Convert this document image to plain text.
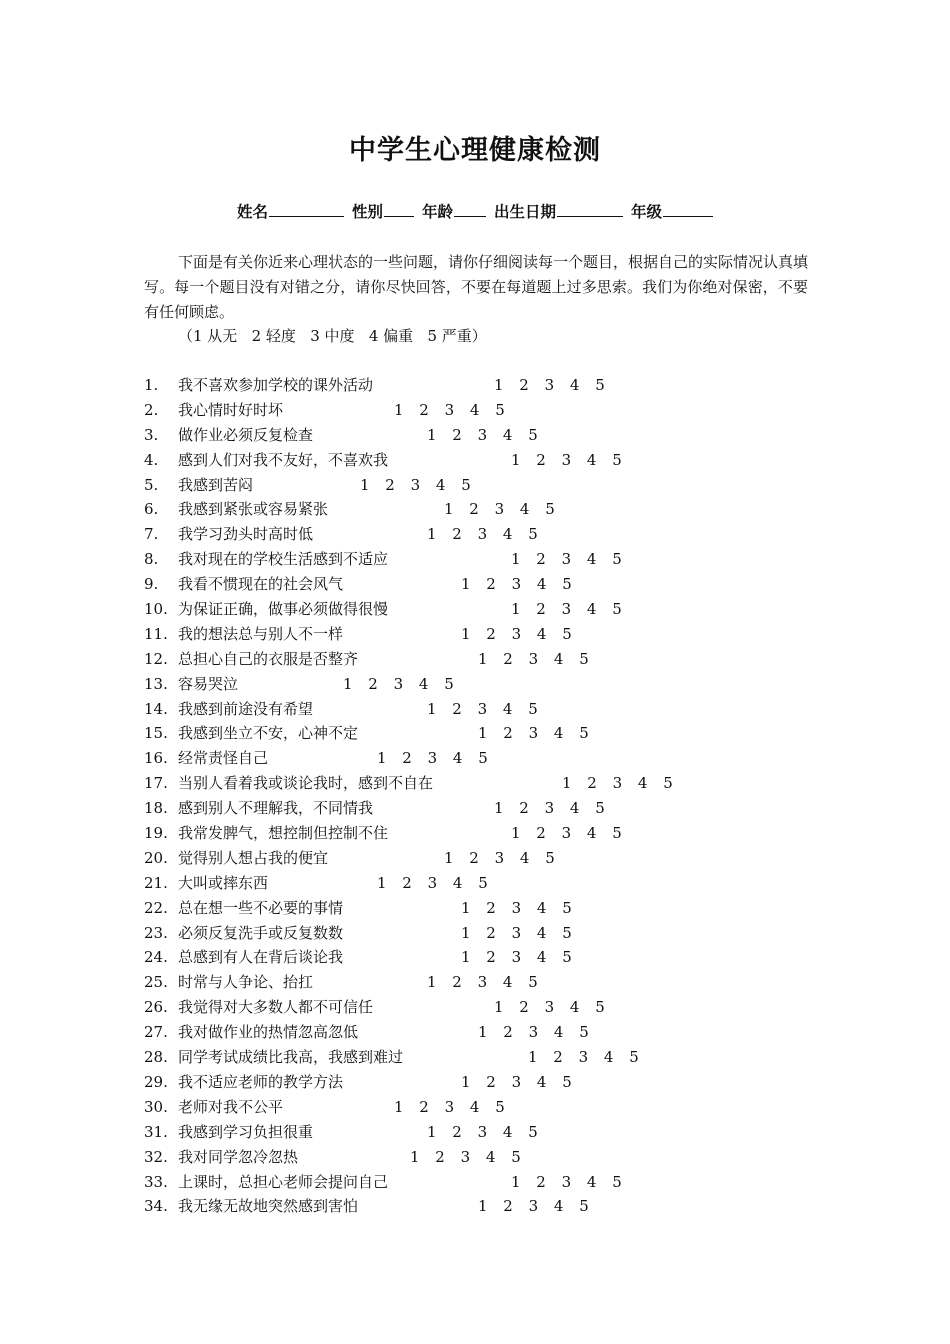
中学生心理健康检测
姓名	性别	年龄	出生日期	年级
下面是有关你近来心理状态的一些问题，请你仔细阅读每一个题目，根据自己的实际情况认真填写。每一个题目没有对错之分，请你尽快回答，不要在每道题上过多思索。我们为你绝对保密，不要有任何顾虑。
（1 从无   2 轻度   3 中度   4 偏重   5 严重）
1. 我不喜欢参加学校的课外活动	1 2 3 4 5
2. 我心情时好时坏	1 2 3 4 5
3. 做作业必须反复检查	1 2 3 4 5
4. 感到人们对我不友好，不喜欢我	1 2 3 4 5
5. 我感到苦闷	1 2 3 4 5
6. 我感到紧张或容易紧张	1 2 3 4 5
7. 我学习劲头时高时低	1 2 3 4 5
8. 我对现在的学校生活感到不适应	1 2 3 4 5
9. 我看不惯现在的社会风气	1 2 3 4 5
10. 为保证正确，做事必须做得很慢	1 2 3 4 5
11. 我的想法总与别人不一样	1 2 3 4 5
12. 总担心自己的衣服是否整齐	1 2 3 4 5
13. 容易哭泣	1 2 3 4 5
14. 我感到前途没有希望	1 2 3 4 5
15. 我感到坐立不安，心神不定	1 2 3 4 5
16. 经常责怪自己	1 2 3 4 5
17. 当别人看着我或谈论我时，感到不自在	1 2 3 4 5
18. 感到别人不理解我，不同情我	1 2 3 4 5
19. 我常发脾气，想控制但控制不住	1 2 3 4 5
20. 觉得别人想占我的便宜	1 2 3 4 5
21. 大叫或摔东西	1 2 3 4 5
22. 总在想一些不必要的事情	1 2 3 4 5
23. 必须反复洗手或反复数数	1 2 3 4 5
24. 总感到有人在背后谈论我	1 2 3 4 5
25. 时常与人争论、抬扛	1 2 3 4 5
26. 我觉得对大多数人都不可信任	1 2 3 4 5
27. 我对做作业的热情忽高忽低	1 2 3 4 5
28. 同学考试成绩比我高，我感到难过	1 2 3 4 5
29. 我不适应老师的教学方法	1 2 3 4 5
30. 老师对我不公平	1 2 3 4 5
31. 我感到学习负担很重	1 2 3 4 5
32. 我对同学忽冷忽热	1 2 3 4 5
33. 上课时，总担心老师会提问自己	1 2 3 4 5
34. 我无缘无故地突然感到害怕	1 2 3 4 5
